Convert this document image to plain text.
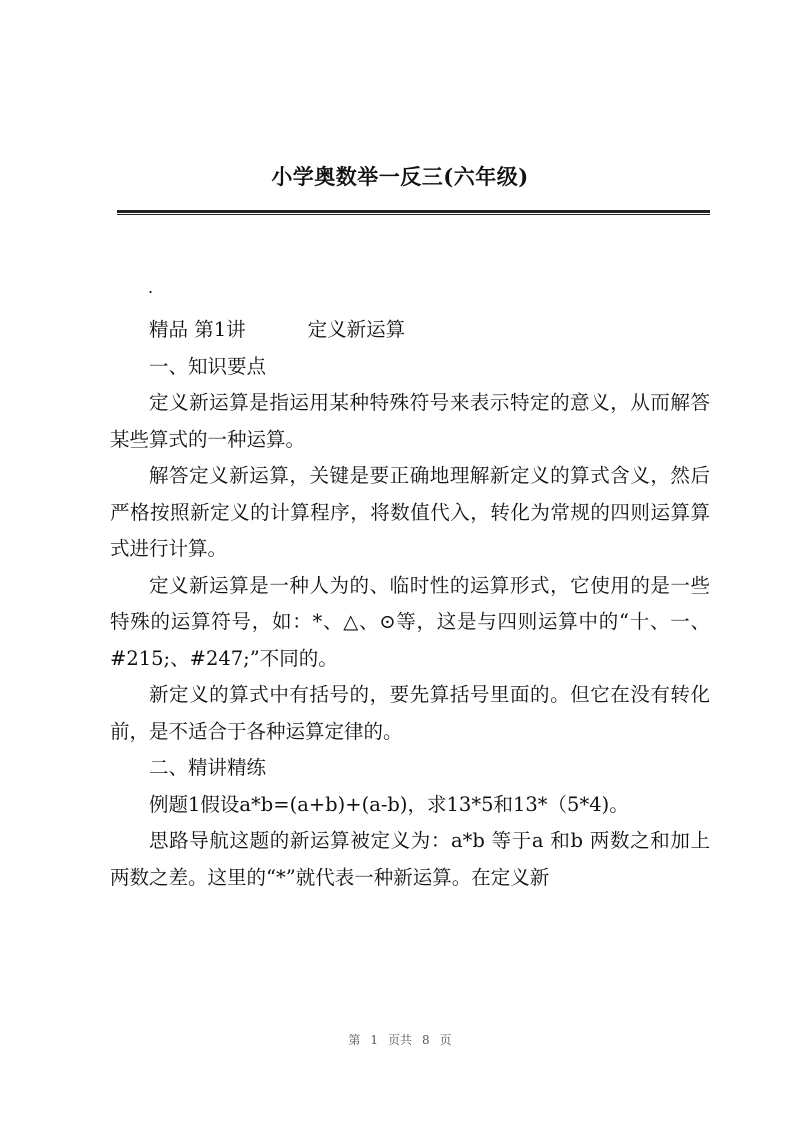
小学奥数举一反三(六年级)
.

精品 第1讲	定义新运算

一、知识要点

定义新运算是指运用某种特殊符号来表示特定的意义，从而解答某些算式的一种运算。

解答定义新运算，关键是要正确地理解新定义的算式含义，然后严格按照新定义的计算程序，将数值代入，转化为常规的四则运算算式进行计算。

定义新运算是一种人为的、临时性的运算形式，它使用的是一些特殊的运算符号，如：*、△、⊙等，这是与四则运算中的“十、一、#215;、#247;”不同的。

新定义的算式中有括号的，要先算括号里面的。但它在没有转化前，是不适合于各种运算定律的。

二、精讲精练

例题1假设a*b=(a+b)+(a-b)，求13*5和13*（5*4)。

思路导航这题的新运算被定义为：a*b 等于a 和b 两数之和加上两数之差。这里的“*”就代表一种新运算。在定义新

第 1 页共 8 页
